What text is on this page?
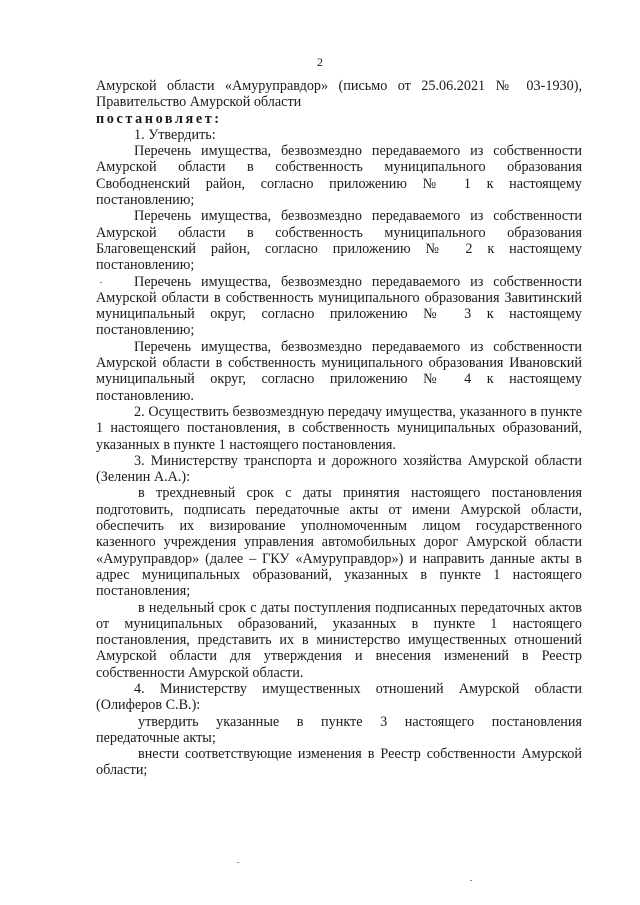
2

Амурской области «Амуруправдор» (письмо от 25.06.2021 № 03-1930), Правительство Амурской области

постановляет:

1. Утвердить:

Перечень имущества, безвозмездно передаваемого из собственности Амурской области в собственность муниципального образования Свободненский район, согласно приложению № 1 к настоящему постановлению;

Перечень имущества, безвозмездно передаваемого из собственности Амурской области в собственность муниципального образования Благовещенский район, согласно приложению № 2 к настоящему постановлению;

Перечень имущества, безвозмездно передаваемого из собственности Амурской области в собственность муниципального образования Завитинский муниципальный округ, согласно приложению № 3 к настоящему постановлению;

Перечень имущества, безвозмездно передаваемого из собственности Амурской области в собственность муниципального образования Ивановский муниципальный округ, согласно приложению № 4 к настоящему постановлению.

2. Осуществить безвозмездную передачу имущества, указанного в пункте 1 настоящего постановления, в собственность муниципальных образований, указанных в пункте 1 настоящего постановления.

3. Министерству транспорта и дорожного хозяйства Амурской области (Зеленин А.А.):

в трехдневный срок с даты принятия настоящего постановления подготовить, подписать передаточные акты от имени Амурской области, обеспечить их визирование уполномоченным лицом государственного казенного учреждения управления автомобильных дорог Амурской области «Амуруправдор» (далее – ГКУ «Амуруправдор») и направить данные акты в адрес муниципальных образований, указанных в пункте 1 настоящего постановления;

в недельный срок с даты поступления подписанных передаточных актов от муниципальных образований, указанных в пункте 1 настоящего постановления, представить их в министерство имущественных отношений Амурской области для утверждения и внесения изменений в Реестр собственности Амурской области.

4. Министерству имущественных отношений Амурской области (Олиферов С.В.):

утвердить указанные в пункте 3 настоящего постановления передаточные акты;

внести соответствующие изменения в Реестр собственности Амурской области;
